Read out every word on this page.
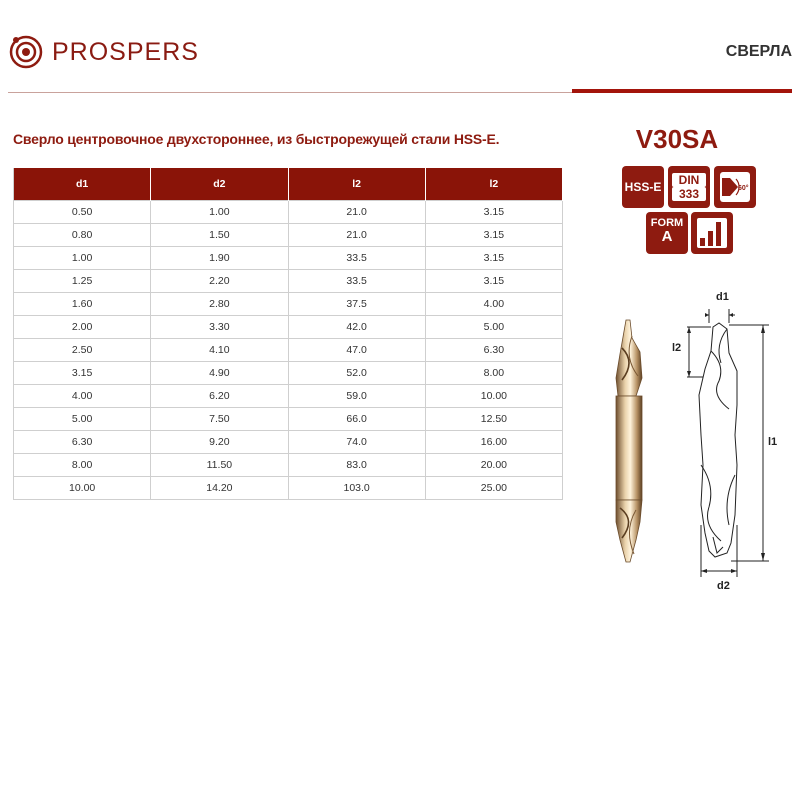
PROSPERS	СВЕРЛА
Сверло центровочное двухстороннее, из быстрорежущей стали HSS-E.	V30SA
d1	d2	l2	l2
0.50	1.00	21.0	3.15
0.80	1.50	21.0	3.15
1.00	1.90	33.5	3.15
1.25	2.20	33.5	3.15
1.60	2.80	37.5	4.00
2.00	3.30	42.0	5.00
2.50	4.10	47.0	6.30
3.15	4.90	52.0	8.00
4.00	6.20	59.0	10.00
5.00	7.50	66.0	12.50
6.30	9.20	74.0	16.00
8.00	11.50	83.0	20.00
10.00	14.20	103.0	25.00
HSS-E	DIN
333	60°
FORM
A
d1
l2
l1
d2
